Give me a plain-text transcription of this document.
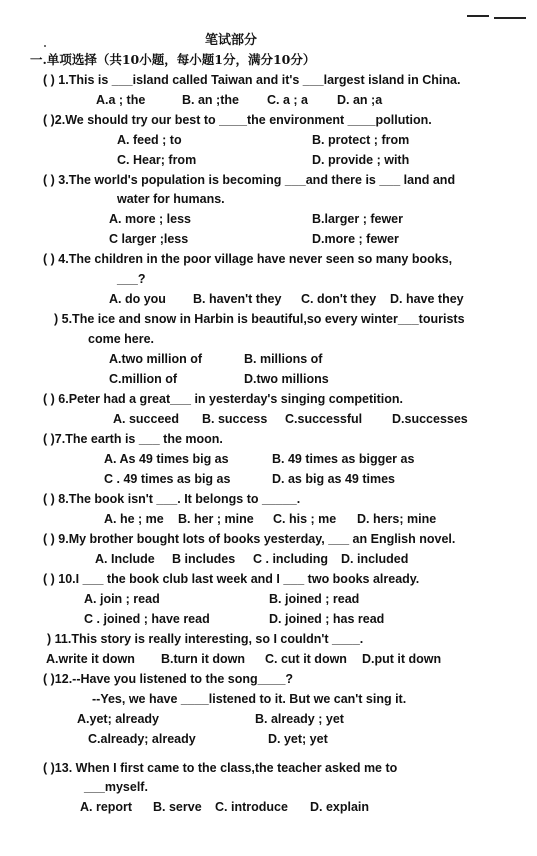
笔试部分
一.单项选择（共10小题，每小题1分，满分10分）
( ) 1.This is ___island called Taiwan and it's ___largest island in China.
A.a ; the	B. an ;the C. a ; a D. an ;a
( )2.We should try our best to ____the environment ____pollution.
A. feed ; to	B. protect ; from
C. Hear; from	D. provide ; with
( ) 3.The world's population is becoming ___and there is ___ land and
water for humans.
A. more ; less	B.larger ; fewer
C larger ;less	D.more ; fewer
( ) 4.The children in the poor village have never seen so many books,
___?
A. do you B. haven't they C. don't they D. have they
) 5.The ice and snow in Harbin is beautiful,so every winter___tourists
come here.
A.two million of	B. millions of
C.million of	D.two millions
( ) 6.Peter had a great___ in yesterday's singing competition.
A. succeed B. success C.successful D.successes
( )7.The earth is ___ the moon.
A. As 49 times big as	B. 49 times as bigger as
C . 49 times as big as	D. as big as 49 times
( ) 8.The book isn't ___. It belongs to _____.
A. he ; me B. her ; mine C. his ; me D. hers; mine
( ) 9.My brother bought lots of books yesterday, ___ an English novel.
A. Include B includes C . including D. included
( ) 10.I ___ the book club last week and I ___ two books already.
A. join ; read	B. joined ; read
C . joined ; have read	D. joined ; has read
) 11.This story is really interesting, so I couldn't ____.
A.write it down B.turn it down C. cut it down D.put it down
( )12.--Have you listened to the song____?
--Yes, we have ____listened to it. But we can't sing it.
A.yet; already	B. already ; yet
C.already; already	D. yet; yet
( )13. When I first came to the class,the teacher asked me to
___myself.
A. report B. serve C. introduce D. explain
